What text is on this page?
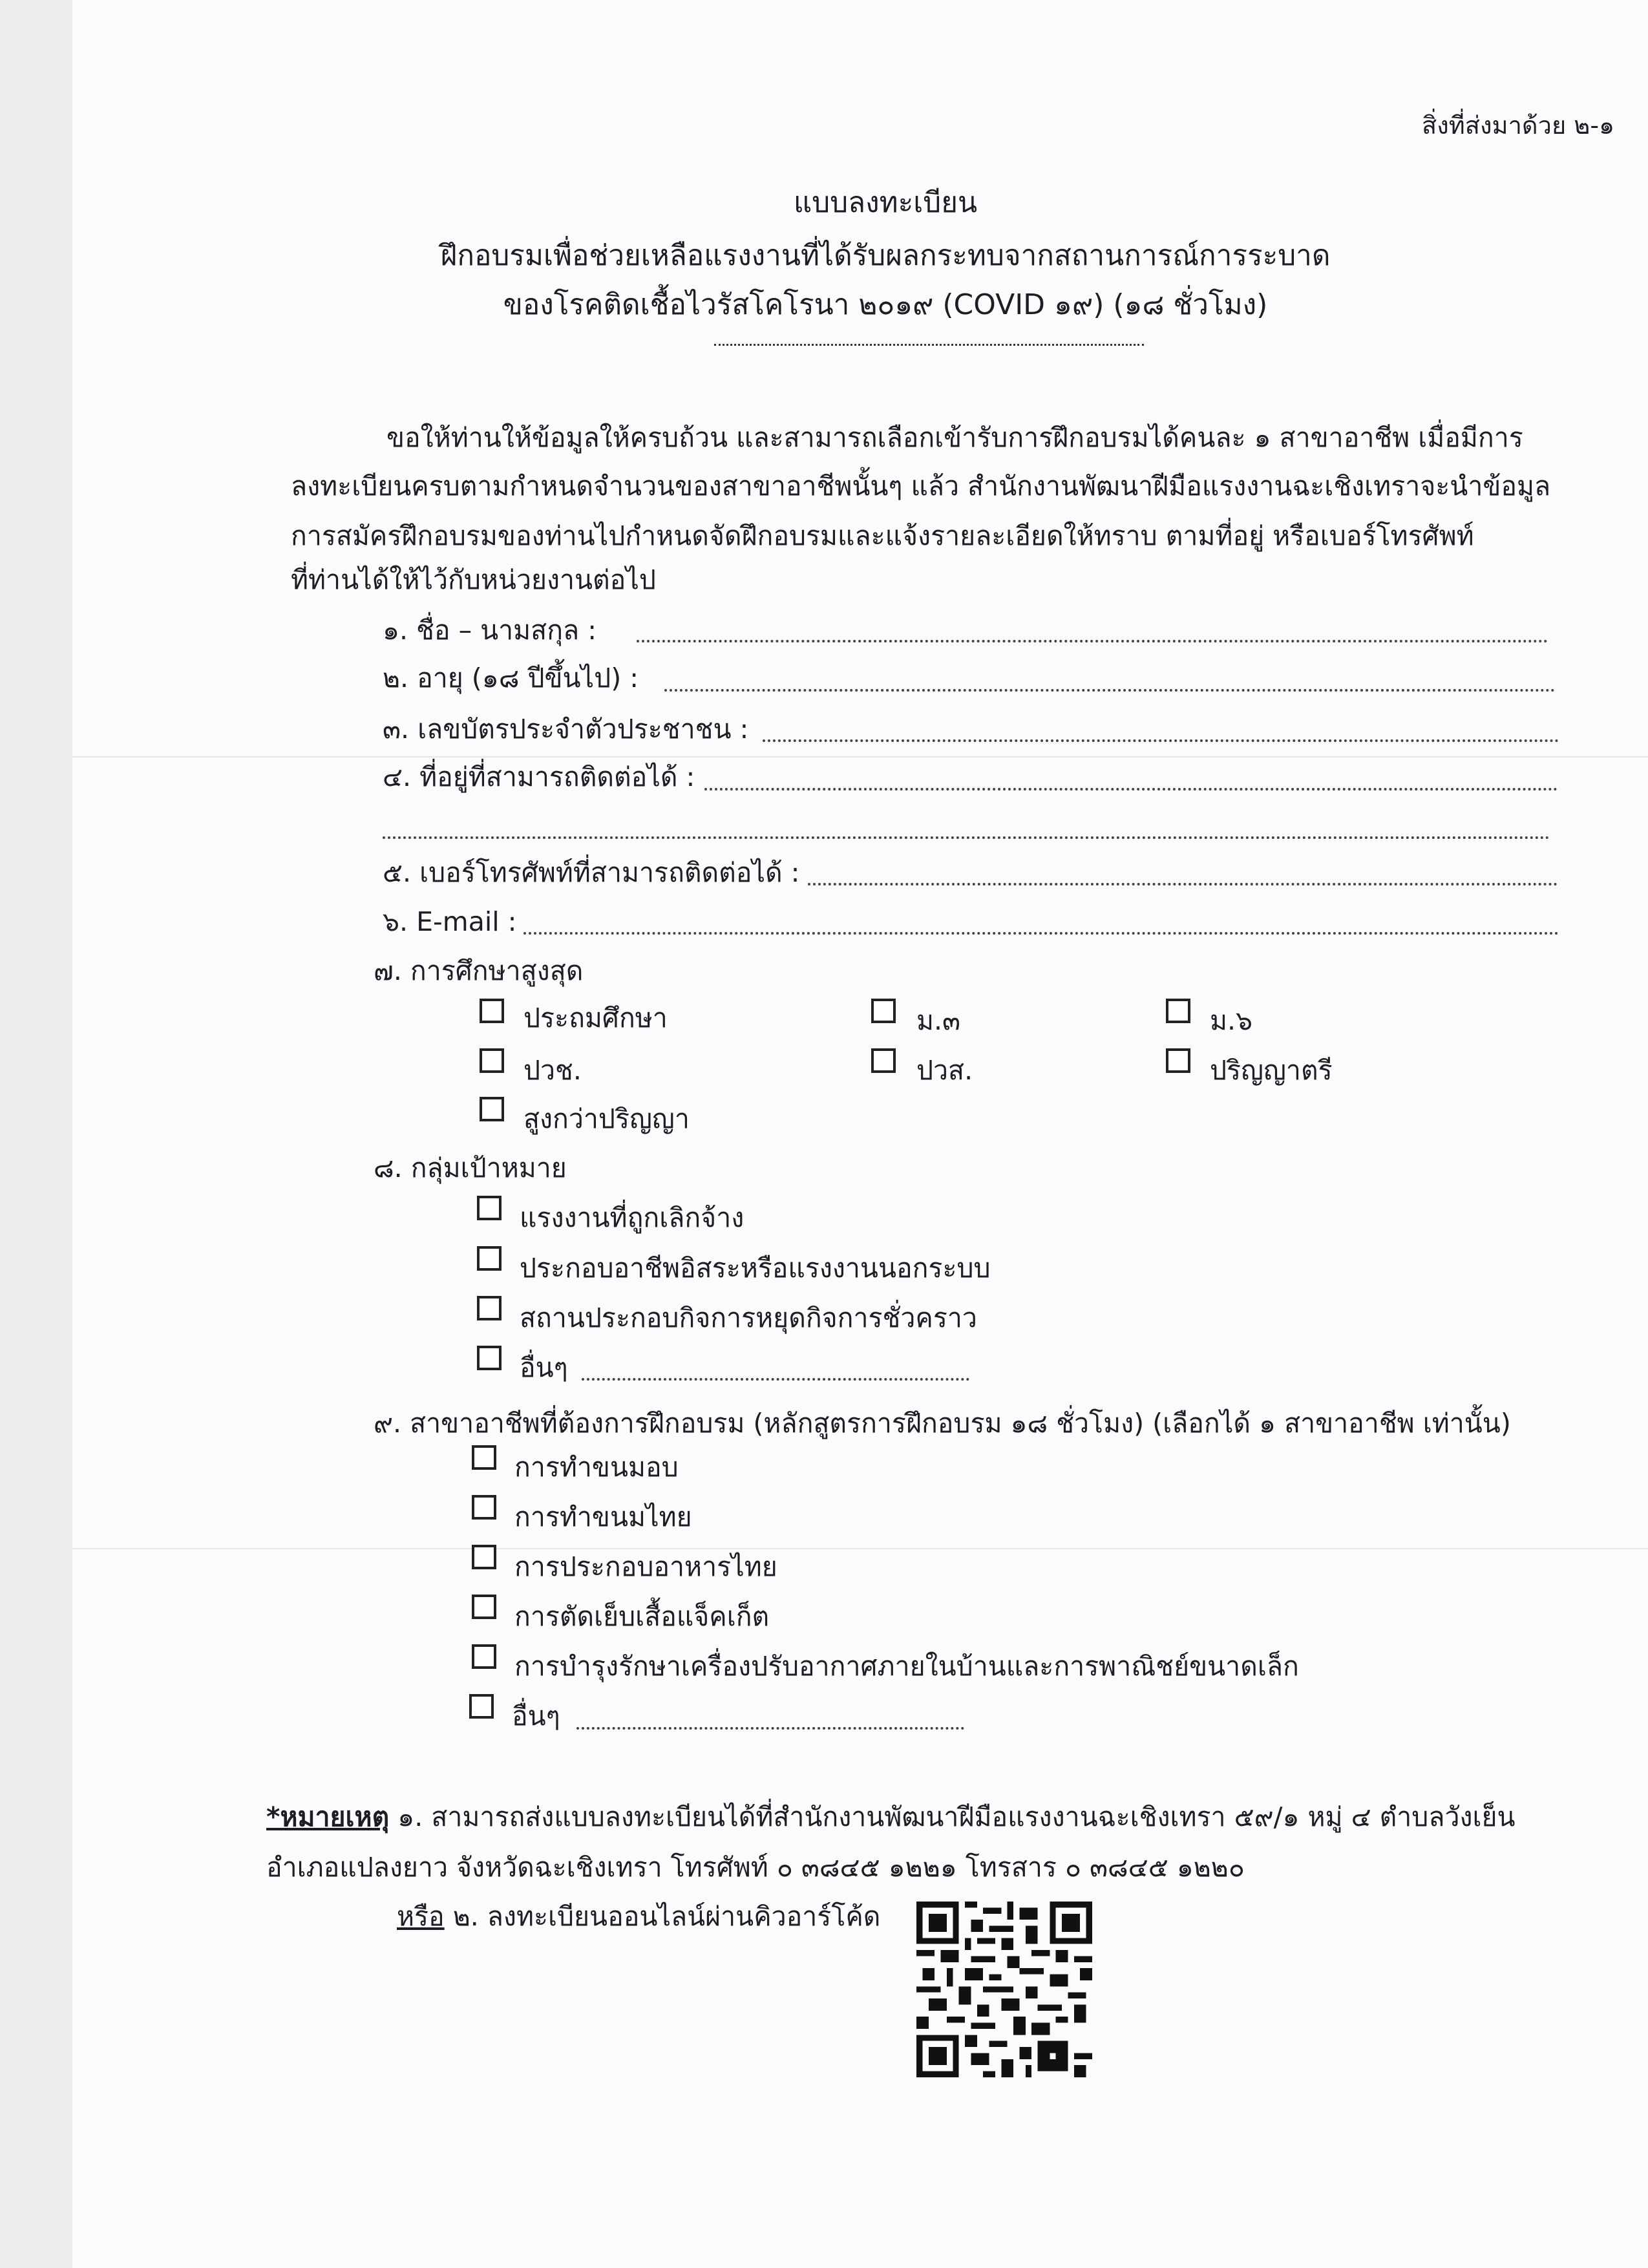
สิ่งที่ส่งมาด้วย ๒-๑
แบบลงทะเบียน
ฝึกอบรมเพื่อช่วยเหลือแรงงานที่ได้รับผลกระทบจากสถานการณ์การระบาด
ของโรคติดเชื้อไวรัสโคโรนา ๒๐๑๙ (COVID ๑๙) (๑๘ ชั่วโมง)
ขอให้ท่านให้ข้อมูลให้ครบถ้วน และสามารถเลือกเข้ารับการฝึกอบรมได้คนละ ๑ สาขาอาชีพ เมื่อมีการ
ลงทะเบียนครบตามกำหนดจำนวนของสาขาอาชีพนั้นๆ แล้ว สำนักงานพัฒนาฝีมือแรงงานฉะเชิงเทราจะนำข้อมูล
การสมัครฝึกอบรมของท่านไปกำหนดจัดฝึกอบรมและแจ้งรายละเอียดให้ทราบ ตามที่อยู่ หรือเบอร์โทรศัพท์
ที่ท่านได้ให้ไว้กับหน่วยงานต่อไป
๑. ชื่อ – นามสกุล :
๒. อายุ (๑๘ ปีขึ้นไป) :
๓. เลขบัตรประจำตัวประชาชน :
๔. ที่อยู่ที่สามารถติดต่อได้ :
๕. เบอร์โทรศัพท์ที่สามารถติดต่อได้ :
๖. E-mail :
๗. การศึกษาสูงสุด
ประถมศึกษา	ม.๓	ม.๖
ปวช.	ปวส.	ปริญญาตรี
สูงกว่าปริญญา
๘. กลุ่มเป้าหมาย
แรงงานที่ถูกเลิกจ้าง
ประกอบอาชีพอิสระหรือแรงงานนอกระบบ
สถานประกอบกิจการหยุดกิจการชั่วคราว
อื่นๆ
๙. สาขาอาชีพที่ต้องการฝึกอบรม (หลักสูตรการฝึกอบรม ๑๘ ชั่วโมง) (เลือกได้ ๑ สาขาอาชีพ เท่านั้น)
การทำขนมอบ
การทำขนมไทย
การประกอบอาหารไทย
การตัดเย็บเสื้อแจ็คเก็ต
การบำรุงรักษาเครื่องปรับอากาศภายในบ้านและการพาณิชย์ขนาดเล็ก
อื่นๆ
*หมายเหตุ ๑. สามารถส่งแบบลงทะเบียนได้ที่สำนักงานพัฒนาฝีมือแรงงานฉะเชิงเทรา ๕๙/๑ หมู่ ๔ ตำบลวังเย็น
อำเภอแปลงยาว จังหวัดฉะเชิงเทรา โทรศัพท์ ๐ ๓๘๔๕ ๑๒๒๑ โทรสาร ๐ ๓๘๔๕ ๑๒๒๐
หรือ ๒. ลงทะเบียนออนไลน์ผ่านคิวอาร์โค้ด
